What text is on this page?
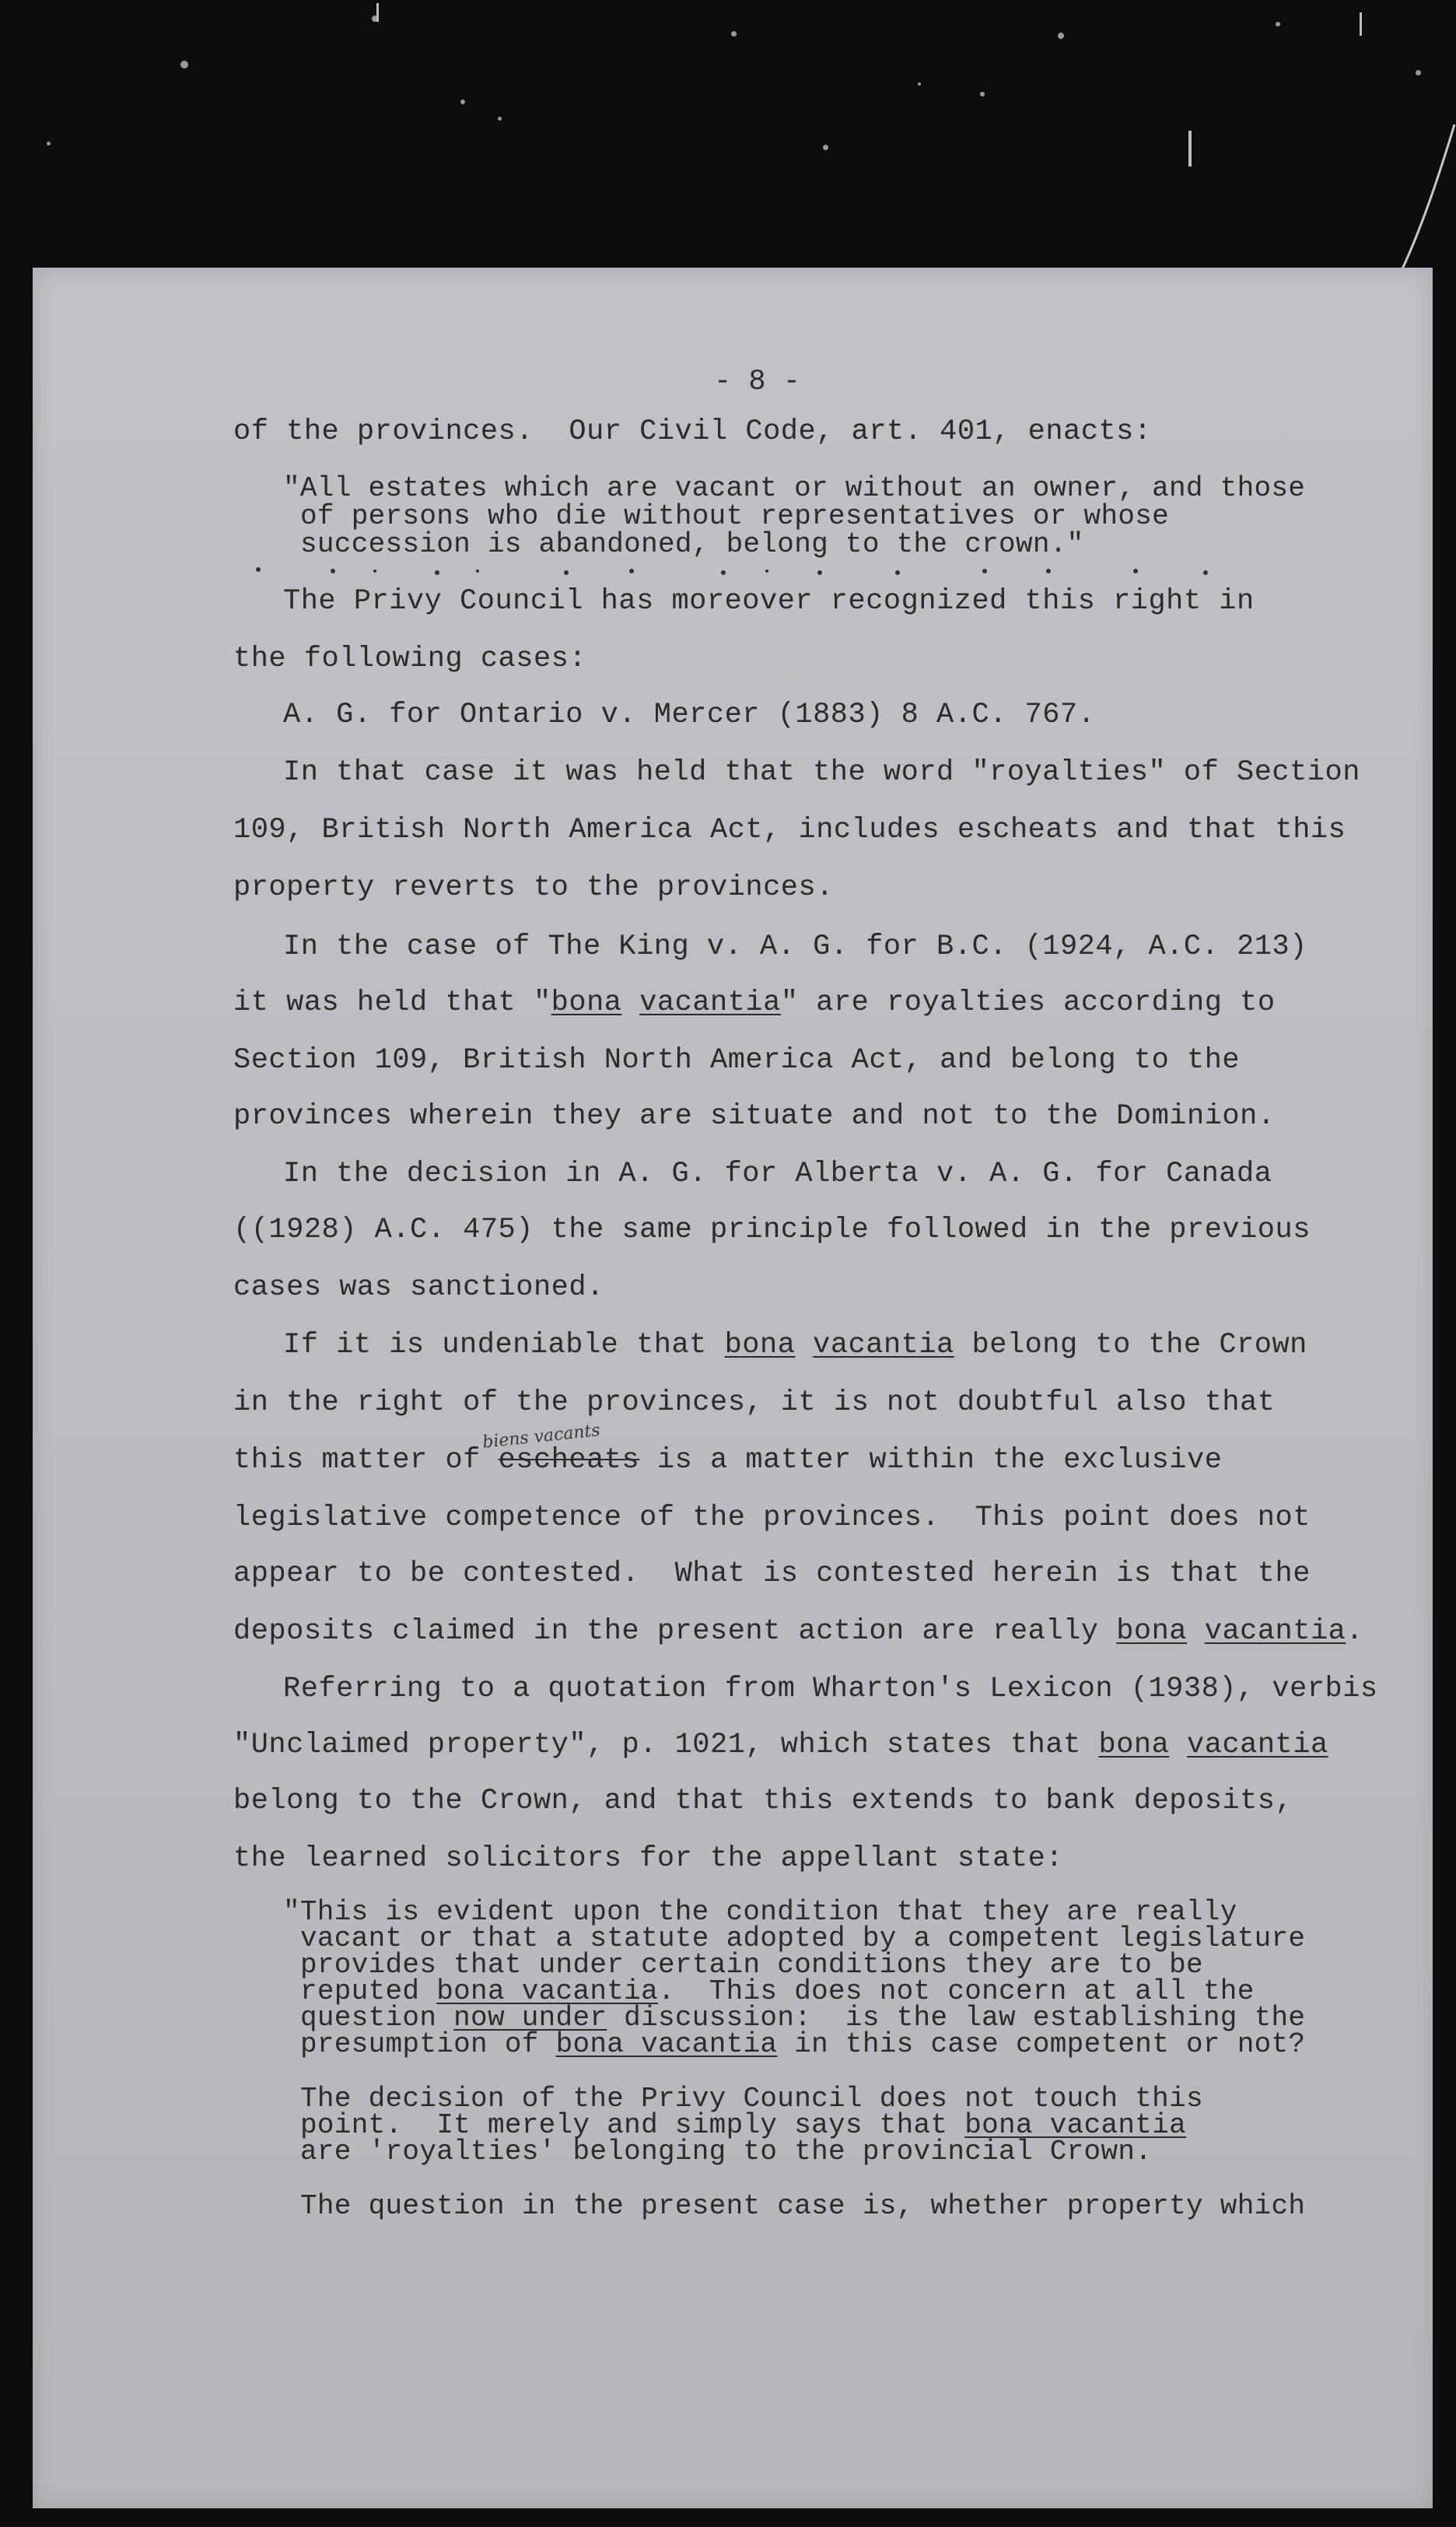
- 8 -
of the provinces.  Our Civil Code, art. 401, enacts:
"All estates which are vacant or without an owner, and those
of persons who die without representatives or whose
succession is abandoned, belong to the crown."
The Privy Council has moreover recognized this right in
the following cases:
A. G. for Ontario v. Mercer (1883) 8 A.C. 767.
In that case it was held that the word "royalties" of Section
109, British North America Act, includes escheats and that this
property reverts to the provinces.
In the case of The King v. A. G. for B.C. (1924, A.C. 213)
it was held that "bona vacantia" are royalties according to
Section 109, British North America Act, and belong to the
provinces wherein they are situate and not to the Dominion.
In the decision in A. G. for Alberta v. A. G. for Canada
((1928) A.C. 475) the same principle followed in the previous
cases was sanctioned.
If it is undeniable that bona vacantia belong to the Crown
in the right of the provinces, it is not doubtful also that
this matter of escheats is a matter within the exclusive
biens vacants
legislative competence of the provinces.  This point does not
appear to be contested.  What is contested herein is that the
deposits claimed in the present action are really bona vacantia.
Referring to a quotation from Wharton's Lexicon (1938), verbis
"Unclaimed property", p. 1021, which states that bona vacantia
belong to the Crown, and that this extends to bank deposits,
the learned solicitors for the appellant state:
"This is evident upon the condition that they are really
vacant or that a statute adopted by a competent legislature
provides that under certain conditions they are to be
reputed bona vacantia.  This does not concern at all the
question now under discussion:  is the law establishing the
presumption of bona vacantia in this case competent or not?
The decision of the Privy Council does not touch this
point.  It merely and simply says that bona vacantia
are 'royalties' belonging to the provincial Crown.
The question in the present case is, whether property which
